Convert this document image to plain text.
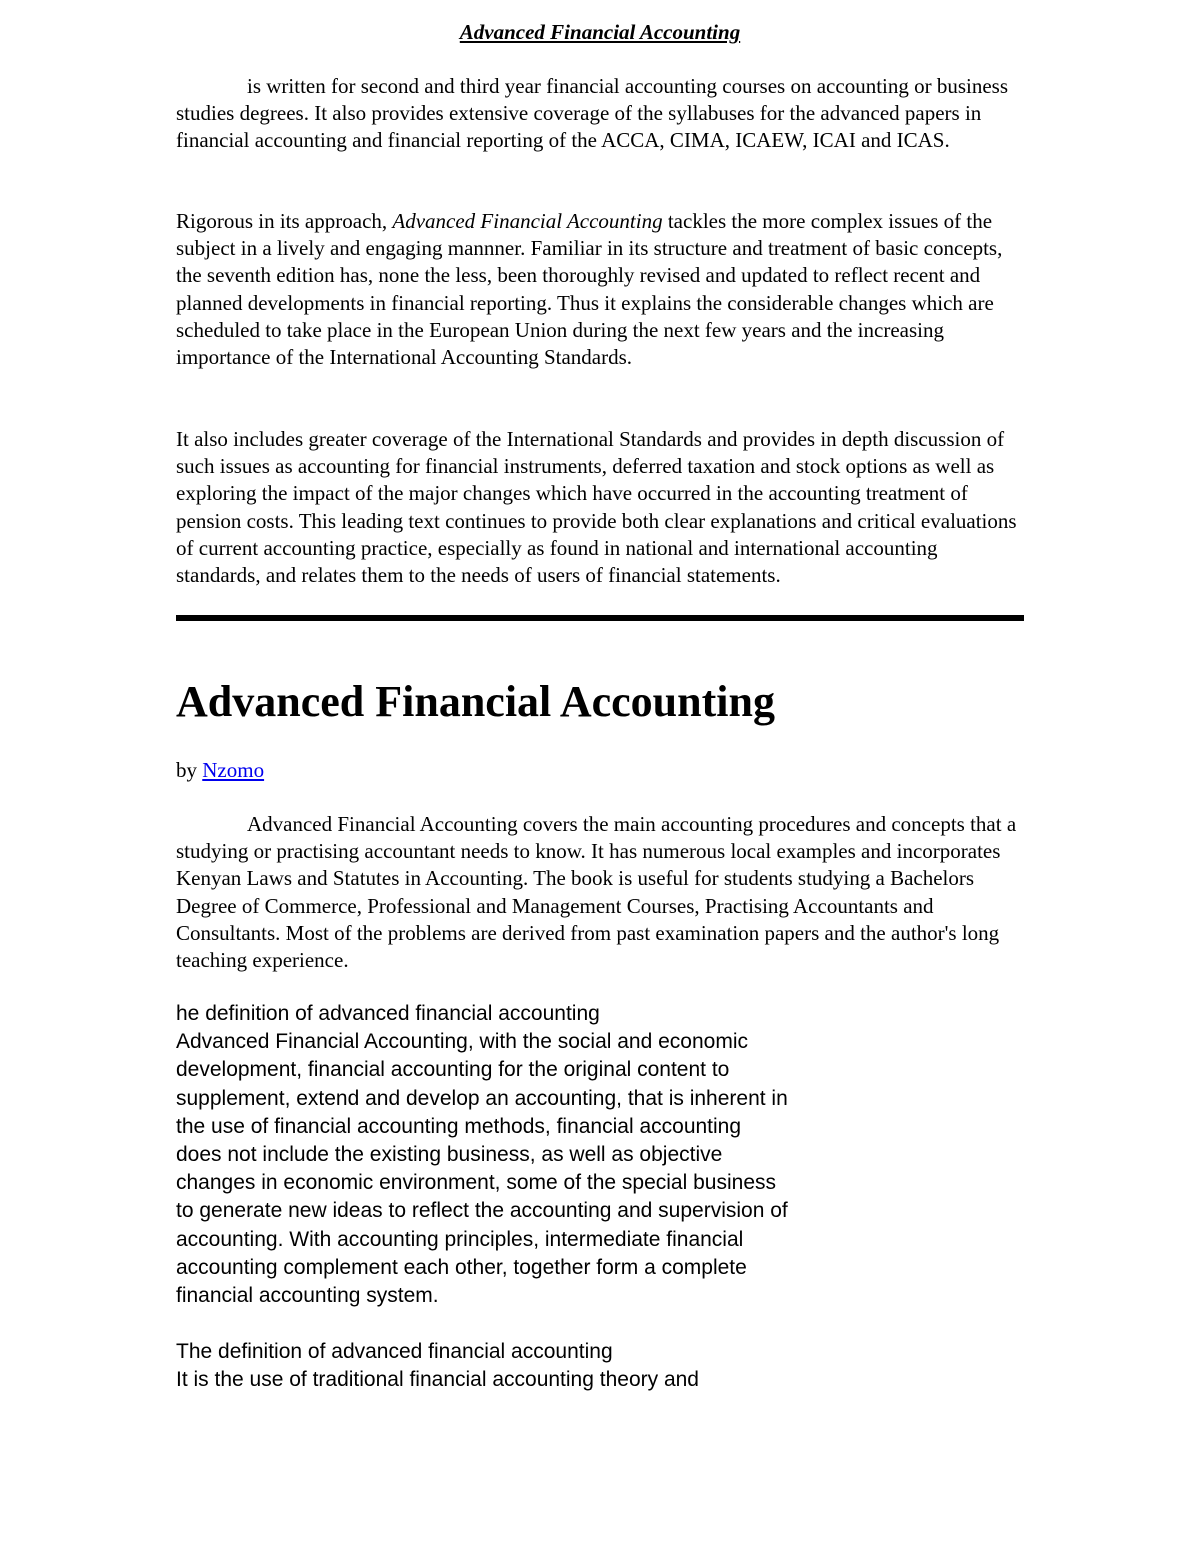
Advanced Financial Accounting

is written for second and third year financial accounting courses on accounting or business studies degrees. It also provides extensive coverage of the syllabuses for the advanced papers in financial accounting and financial reporting of the ACCA, CIMA, ICAEW, ICAI and ICAS.

Rigorous in its approach, Advanced Financial Accounting tackles the more complex issues of the subject in a lively and engaging mannner. Familiar in its structure and treatment of basic concepts, the seventh edition has, none the less, been thoroughly revised and updated to reflect recent and planned developments in financial reporting. Thus it explains the considerable changes which are scheduled to take place in the European Union during the next few years and the increasing importance of the International Accounting Standards.

It also includes greater coverage of the International Standards and provides in depth discussion of such issues as accounting for financial instruments, deferred taxation and stock options as well as exploring the impact of the major changes which have occurred in the accounting treatment of pension costs. This leading text continues to provide both clear explanations and critical evaluations of current accounting practice, especially as found in national and international accounting standards, and relates them to the needs of users of financial statements.

Advanced Financial Accounting
by Nzomo

Advanced Financial Accounting covers the main accounting procedures and concepts that a studying or practising accountant needs to know. It has numerous local examples and incorporates Kenyan Laws and Statutes in Accounting. The book is useful for students studying a Bachelors Degree of Commerce, Professional and Management Courses, Practising Accountants and Consultants. Most of the problems are derived from past examination papers and the author's long teaching experience.

he definition of advanced financial accounting

Advanced Financial Accounting, with the social and economic

development, financial accounting for the original content to

supplement, extend and develop an accounting, that is inherent in

the use of financial accounting methods, financial accounting

does not include the existing business, as well as objective

changes in economic environment, some of the special business

to generate new ideas to reflect the accounting and supervision of

accounting. With accounting principles, intermediate financial

accounting complement each other, together form a complete

financial accounting system.

The definition of advanced financial accounting

It is the use of traditional financial accounting theory and
